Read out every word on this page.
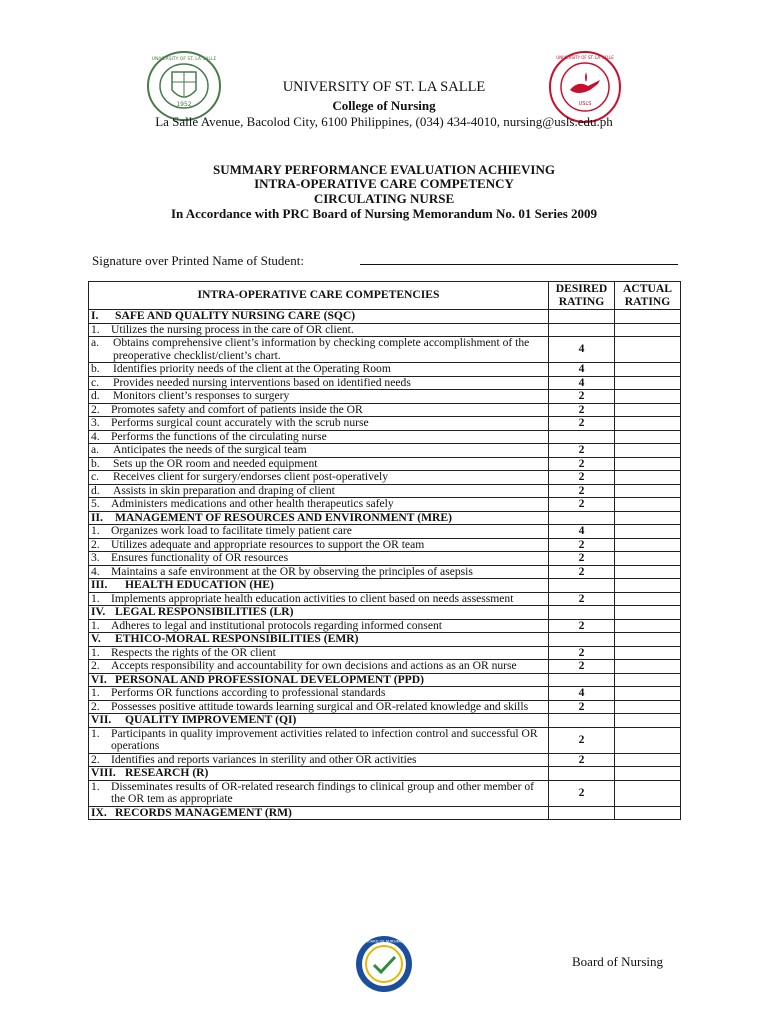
1952
UNIVERSITY OF ST. LA SALLE
USLS
UNIVERSITY OF ST. LA SALLE
UNIVERSITY OF ST. LA SALLE
College of Nursing
La Salle Avenue, Bacolod City, 6100 Philippines, (034) 434-4010, nursing@usls.edu.ph
SUMMARY PERFORMANCE EVALUATION ACHIEVING
INTRA-OPERATIVE CARE COMPETENCY
CIRCULATING NURSE
In Accordance with PRC Board of Nursing Memorandum No. 01 Series 2009
Signature over Printed Name of Student:
INTRA-OPERATIVE CARE COMPETENCIES	DESIRED RATING	ACTUAL RATING
I. SAFE AND QUALITY NURSING CARE (SQC)		

1. Utilizes the nursing process in the care of OR client.		

a. Obtains comprehensive client’s information by checking complete accomplishment of the preoperative checklist/client’s chart.	4	

b. Identifies priority needs of the client at the Operating Room	4	

c. Provides needed nursing interventions based on identified needs	4	

d. Monitors client’s responses to surgery	2	

2. Promotes safety and comfort of patients inside the OR	2	

3. Performs surgical count accurately with the scrub nurse	2	

4. Performs the functions of the circulating nurse		

a. Anticipates the needs of the surgical team	2	

b. Sets up the OR room and needed equipment	2	

c. Receives client for surgery/endorses client post-operatively	2	

d. Assists in skin preparation and draping of client	2	

5. Administers medications and other health therapeutics safely	2	
II. MANAGEMENT OF RESOURCES AND ENVIRONMENT (MRE)		

1. Organizes work load to facilitate timely patient care	4	

2. Utilizes adequate and appropriate resources to support the OR team	2	

3. Ensures functionality of OR resources	2	

4. Maintains a safe environment at the OR by observing the principles of asepsis	2	
III. HEALTH EDUCATION (HE)		

1. Implements appropriate health education activities to client based on needs assessment	2	
IV. LEGAL RESPONSIBILITIES (LR)		

1. Adheres to legal and institutional protocols regarding informed consent	2	
V. ETHICO-MORAL RESPONSIBILITIES (EMR)		

1. Respects the rights of the OR client	2	

2. Accepts responsibility and accountability for own decisions and actions as an OR nurse	2	
VI. PERSONAL AND PROFESSIONAL DEVELOPMENT (PPD)		

1. Performs OR functions according to professional standards	4	

2. Possesses positive attitude towards learning surgical and OR-related knowledge and skills	2	
VII. QUALITY IMPROVEMENT (QI)		

1. Participants in quality improvement activities related to infection control and successful OR operations	2	

2. Identifies and reports variances in sterility and other OR activities	2	
VIII. RESEARCH (R)		

1. Disseminates results of OR-related research findings to clinical group and other member of the OR tem as appropriate	2	
IX. RECORDS MANAGEMENT (RM)		
BOARD OF NURSING
Board of Nursing
